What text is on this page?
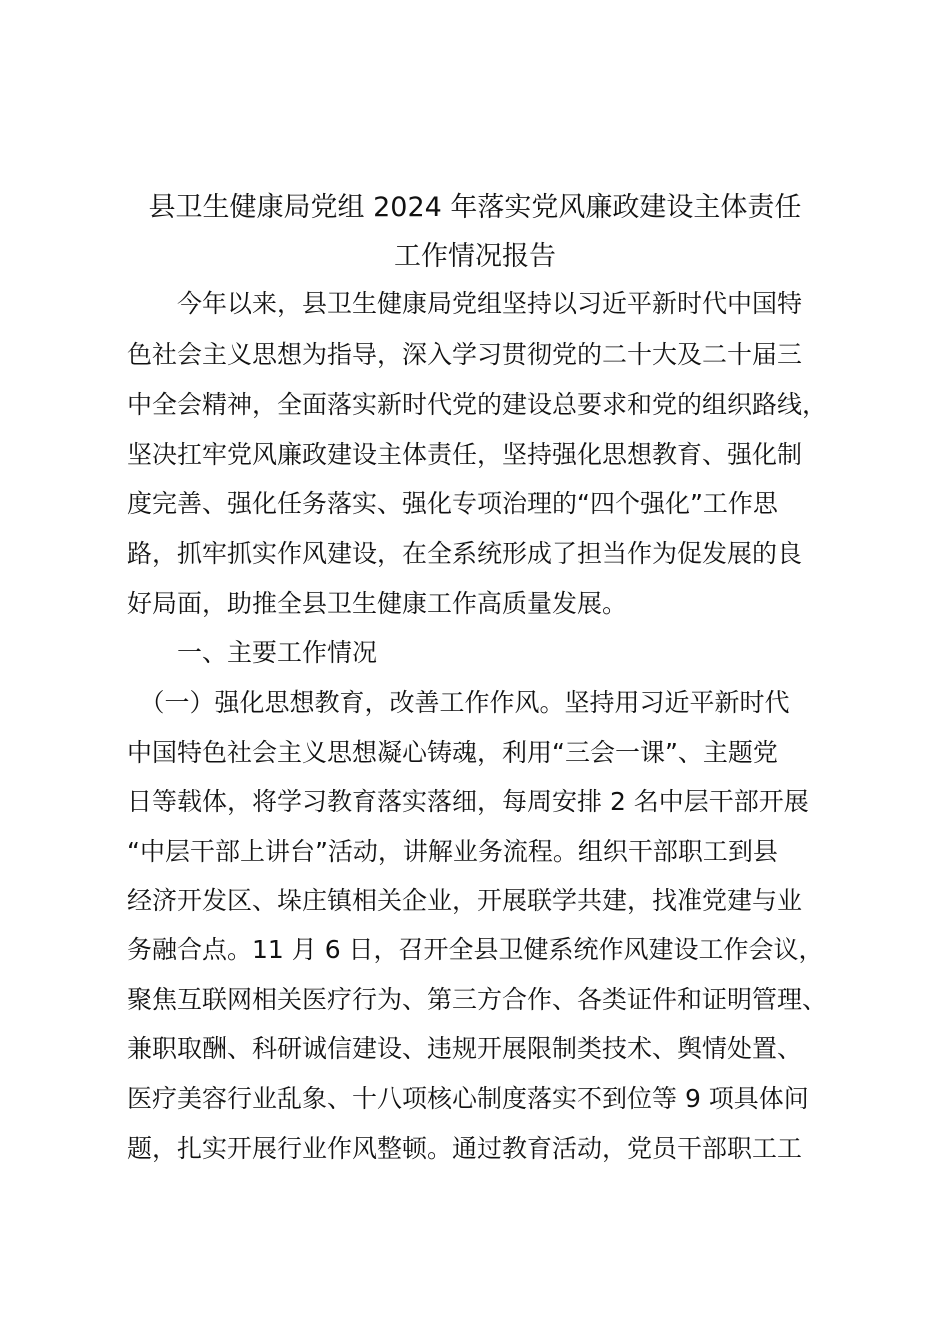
县卫生健康局党组 2024 年落实党风廉政建设主体责任
工作情况报告
　　今年以来，县卫生健康局党组坚持以习近平新时代中国特
色社会主义思想为指导，深入学习贯彻党的二十大及二十届三
中全会精神，全面落实新时代党的建设总要求和党的组织路线，
坚决扛牢党风廉政建设主体责任，坚持强化思想教育、强化制
度完善、强化任务落实、强化专项治理的“四个强化”工作思
路，抓牢抓实作风建设，在全系统形成了担当作为促发展的良
好局面，助推全县卫生健康工作高质量发展。
　　一、主要工作情况
　（一）强化思想教育，改善工作作风。坚持用习近平新时代
中国特色社会主义思想凝心铸魂，利用“三会一课”、主题党
日等载体，将学习教育落实落细，每周安排 2 名中层干部开展
“中层干部上讲台”活动，讲解业务流程。组织干部职工到县
经济开发区、垛庄镇相关企业，开展联学共建，找准党建与业
务融合点。11 月 6 日，召开全县卫健系统作风建设工作会议，
聚焦互联网相关医疗行为、第三方合作、各类证件和证明管理、
兼职取酬、科研诚信建设、违规开展限制类技术、舆情处置、
医疗美容行业乱象、十八项核心制度落实不到位等 9 项具体问
题，扎实开展行业作风整顿。通过教育活动，党员干部职工工
